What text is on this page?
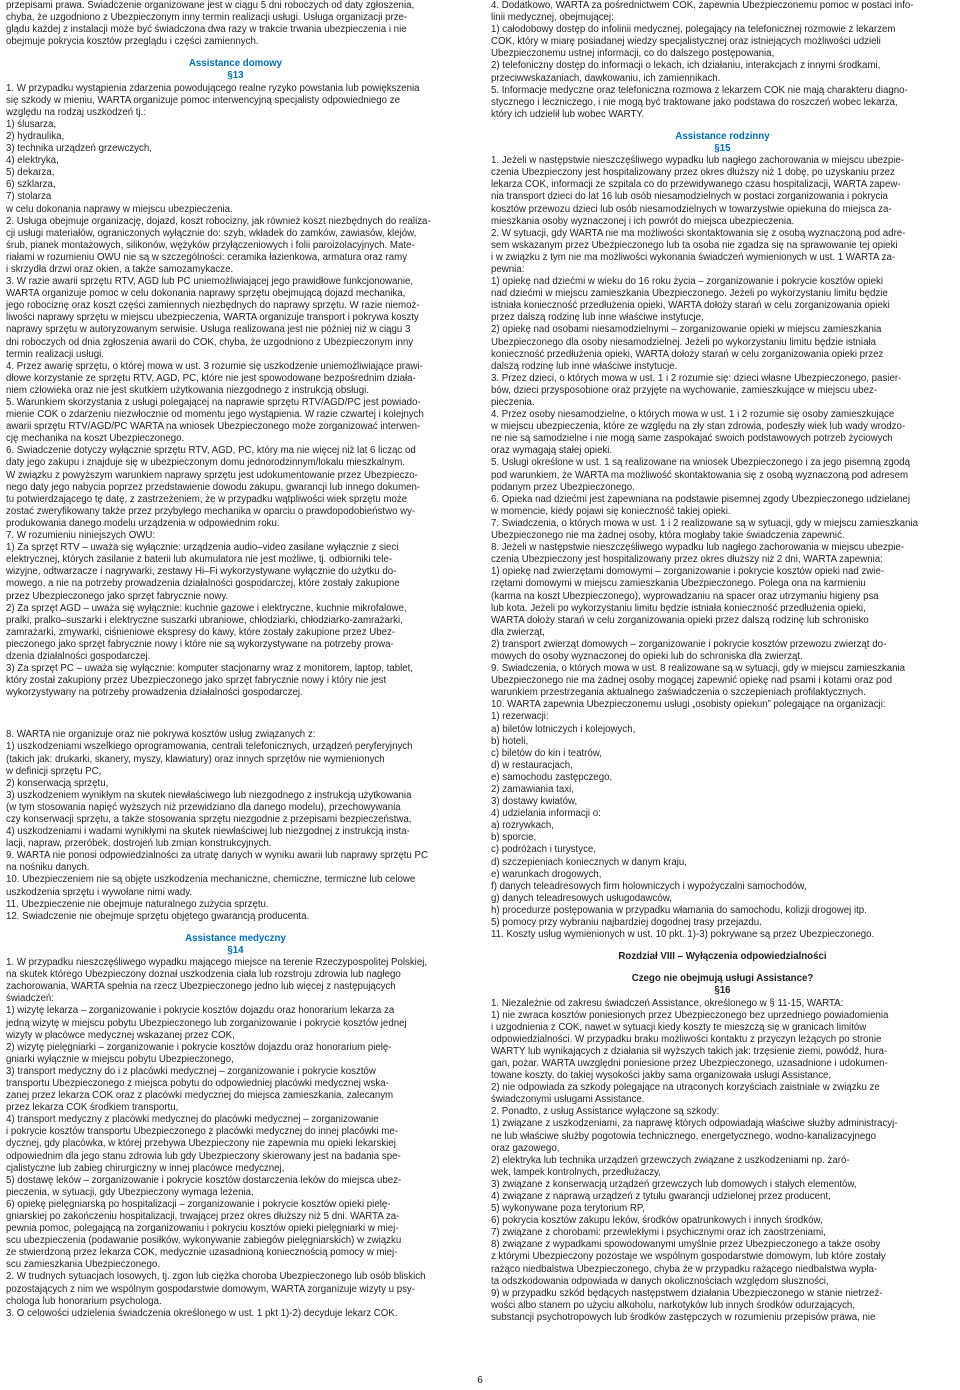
przepisami prawa. Świadczenie organizowane jest w ciągu 5 dni roboczych od daty zgłoszenia,
chyba, że uzgodniono z Ubezpieczonym inny termin realizacji usługi. Usługa organizacji prze-
glądu każdej z instalacji może być świadczona dwa razy w trakcie trwania ubezpieczenia i nie
obejmuje pokrycia kosztów przeglądu i części zamiennych.
Assistance domowy
§13
1. W przypadku wystąpienia zdarzenia powodującego realne ryzyko powstania lub powiększenia
się szkody w mieniu, WARTA organizuje pomoc interwencyjną specjalisty odpowiedniego ze
względu na rodzaj uszkodzeń tj.:
1) ślusarza,
2) hydraulika,
3) technika urządzeń grzewczych,
4) elektryka,
5) dekarza,
6) szklarza,
7) stolarza
w celu dokonania naprawy w miejscu ubezpieczenia.
2. Usługa obejmuje organizację, dojazd, koszt robocizny, jak również koszt niezbędnych do realiza-
cji usługi materiałów, ograniczonych wyłącznie do: szyb, wkładek do zamków, zawiasów, klejów,
śrub, pianek montażowych, silikonów, wężyków przyłączeniowych i folii paroizolacyjnych. Mate-
riałami w rozumieniu OWU nie są w szczególności: ceramika łazienkowa, armatura oraz ramy
i skrzydła drzwi oraz okien, a także samozamykacze.
3. W razie awarii sprzętu RTV, AGD lub PC uniemożliwiającej jego prawidłowe funkcjonowanie,
WARTA organizuje pomoc w celu dokonania naprawy sprzętu obejmującą dojazd mechanika,
jego robociznę oraz koszt części zamiennych niezbędnych do naprawy sprzętu. W razie niemoż-
liwości naprawy sprzętu w miejscu ubezpieczenia, WARTA organizuje transport i pokrywa koszty
naprawy sprzętu w autoryzowanym serwisie. Usługa realizowana jest nie później niż w ciągu 3
dni roboczych od dnia zgłoszenia awarii do COK, chyba, że uzgodniono z Ubezpieczonym inny
termin realizacji usługi.
4. Przez awarię sprzętu, o której mowa w ust. 3 rozumie się uszkodzenie uniemożliwiające prawi-
dłowe korzystanie ze sprzętu RTV, AGD, PC, które nie jest spowodowane bezpośrednim działa-
niem człowieka oraz nie jest skutkiem użytkowania niezgodnego z instrukcją obsługi.
5. Warunkiem skorzystania z usługi polegającej na naprawie sprzętu RTV/AGD/PC jest powiado-
mienie COK o zdarzeniu niezwłocznie od momentu jego wystąpienia. W razie czwartej i kolejnych
awarii sprzętu RTV/AGD/PC WARTA na wniosek Ubezpieczonego może zorganizować interwen-
cję mechanika na koszt Ubezpieczonego.
6. Świadczenie dotyczy wyłącznie sprzętu RTV, AGD, PC, który ma nie więcej niż lat 6 licząc od
daty jego zakupu i znajduje się w ubezpieczonym domu jednorodzinnym/lokalu mieszkalnym.
W związku z powyższym warunkiem naprawy sprzętu jest udokumentowanie przez Ubezpieczo-
nego daty jego nabycia poprzez przedstawienie dowodu zakupu, gwarancji lub innego dokumen-
tu potwierdzającego tę datę, z zastrzeżeniem, że w przypadku wątpliwości wiek sprzętu może
zostać zweryfikowany także przez przybyłego mechanika w oparciu o prawdopodobieństwo wy-
produkowania danego modelu urządzenia w odpowiednim roku.
7. W rozumieniu niniejszych OWU:
1) Za sprzęt RTV – uważa się wyłącznie: urządzenia audio–video zasilane wyłącznie z sieci
elektrycznej, których zasilanie z baterii lub akumulatora nie jest możliwe, tj. odbiorniki tele-
wizyjne, odtwarzacze i nagrywarki, zestawy Hi–Fi wykorzystywane wyłącznie do użytku do-
mowego, a nie na potrzeby prowadzenia działalności gospodarczej, które zostały zakupione
przez Ubezpieczonego jako sprzęt fabrycznie nowy.
2) Za sprzęt AGD – uważa się wyłącznie: kuchnie gazowe i elektryczne, kuchnie mikrofalowe,
pralki, pralko–suszarki i elektryczne suszarki ubraniowe, chłodziarki, chłodziarko-zamrażarki,
zamrażarki, zmywarki, ciśnieniowe ekspresy do kawy, które zostały zakupione przez Ubez-
pieczonego jako sprzęt fabrycznie nowy i które nie są wykorzystywane na potrzeby prowa-
dzenia działalności gospodarczej.
3) Za sprzęt PC – uważa się wyłącznie: komputer stacjonarny wraz z monitorem, laptop, tablet,
który został zakupiony przez Ubezpieczonego jako sprzęt fabrycznie nowy i który nie jest
wykorzystywany na potrzeby prowadzenia działalności gospodarczej.
8. WARTA nie organizuje oraz nie pokrywa kosztów usług związanych z:
1) uszkodzeniami wszelkiego oprogramowania, centrali telefonicznych, urządzeń peryferyjnych
(takich jak: drukarki, skanery, myszy, klawiatury) oraz innych sprzętów nie wymienionych
w definicji sprzętu PC,
2) konserwacją sprzętu,
3) uszkodzeniem wynikłym na skutek niewłaściwego lub niezgodnego z instrukcją użytkowania
(w tym stosowania napięć wyższych niż przewidziano dla danego modelu), przechowywania
czy konserwacji sprzętu, a także stosowania sprzętu niezgodnie z przepisami bezpieczeństwa,
4) uszkodzeniami i wadami wynikłymi na skutek niewłaściwej lub niezgodnej z instrukcją insta-
lacji, napraw, przeróbek, dostrojeń lub zmian konstrukcyjnych.
9. WARTA nie ponosi odpowiedzialności za utratę danych w wyniku awarii lub naprawy sprzętu PC
na nośniku danych.
10. Ubezpieczeniem nie są objęte uszkodzenia mechaniczne, chemiczne, termiczne lub celowe
uszkodzenia sprzętu i wywołane nimi wady.
11. Ubezpieczenie nie obejmuje naturalnego zużycia sprzętu.
12. Świadczenie nie obejmuje sprzętu objętego gwarancją producenta.
Assistance medyczny
§14
1. W przypadku nieszczęśliwego wypadku mającego miejsce na terenie Rzeczypospolitej Polskiej,
na skutek którego Ubezpieczony doznał uszkodzenia ciała lub rozstroju zdrowia lub nagłego
zachorowania, WARTA spełnia na rzecz Ubezpieczonego jedno lub więcej z następujących
świadczeń:
1) wizytę lekarza – zorganizowanie i pokrycie kosztów dojazdu oraz honorarium lekarza za
jedną wizytę w miejscu pobytu Ubezpieczonego lub zorganizowanie i pokrycie kosztów jednej
wizyty w placówce medycznej wskazanej przez COK,
2) wizytę pielęgniarki – zorganizowanie i pokrycie kosztów dojazdu oraz honorarium pielę-
gniarki wyłącznie w miejscu pobytu Ubezpieczonego,
3) transport medyczny do i z placówki medycznej – zorganizowanie i pokrycie kosztów
transportu Ubezpieczonego z miejsca pobytu do odpowiedniej placówki medycznej wska-
zanej przez lekarza COK oraz z placówki medycznej do miejsca zamieszkania, zalecanym
przez lekarza COK środkiem transportu,
4) transport medyczny z placówki medycznej do placówki medycznej – zorganizowanie
i pokrycie kosztów transportu Ubezpieczonego z placówki medycznej do innej placówki me-
dycznej, gdy placówka, w której przebywa Ubezpieczony nie zapewnia mu opieki lekarskiej
odpowiednim dla jego stanu zdrowia lub gdy Ubezpieczony skierowany jest na badania spe-
cjalistyczne lub zabieg chirurgiczny w innej placówce medycznej,
5) dostawę leków – zorganizowanie i pokrycie kosztów dostarczenia leków do miejsca ubez-
pieczenia, w sytuacji, gdy Ubezpieczony wymaga leżenia,
6) opiekę pielęgniarską po hospitalizacji – zorganizowanie i pokrycie kosztów opieki pielę-
gniarskiej po zakończeniu hospitalizacji, trwającej przez okres dłuższy niż 5 dni. WARTA za-
pewnia pomoc, polegającą na zorganizowaniu i pokryciu kosztów opieki pielęgniarki w miej-
scu ubezpieczenia (podawanie posiłków, wykonywanie zabiegów pielęgniarskich) w związku
ze stwierdzoną przez lekarza COK, medycznie uzasadnioną koniecznością pomocy w miej-
scu zamieszkania Ubezpieczonego.
2. W trudnych sytuacjach losowych, tj. zgon lub ciężka choroba Ubezpieczonego lub osób bliskich
pozostających z nim we wspólnym gospodarstwie domowym, WARTA zorganizuje wizyty u psy-
chologa lub honorarium psychologa.
3. O celowości udzielenia świadczenia określonego w ust. 1 pkt 1)-2) decyduje lekarz COK.
4. Dodatkowo, WARTA za pośrednictwem COK, zapewnia Ubezpieczonemu pomoc w postaci info-
linii medycznej, obejmującej:
1) całodobowy dostęp do infolinii medycznej, polegający na telefonicznej rozmowie z lekarzem
COK, który w miarę posiadanej wiedzy specjalistycznej oraz istniejących możliwości udzieli
Ubezpieczonemu ustnej informacji, co do dalszego postępowania,
2) telefoniczny dostęp do informacji o lekach, ich działaniu, interakcjach z innymi środkami,
przeciwwskazaniach, dawkowaniu, ich zamiennikach.
5. Informacje medyczne oraz telefoniczna rozmowa z lekarzem COK nie mają charakteru diagno-
stycznego i leczniczego, i nie mogą być traktowane jako podstawa do roszczeń wobec lekarza,
który ich udzielił lub wobec WARTY.
Assistance rodzinny
§15
1. Jeżeli w następstwie nieszczęśliwego wypadku lub nagłego zachorowania w miejscu ubezpie-
czenia Ubezpieczony jest hospitalizowany przez okres dłuższy niż 1 dobę, po uzyskaniu przez
lekarza COK, informacji ze szpitala co do przewidywanego czasu hospitalizacji, WARTA zapew-
nia transport dzieci do lat 16 lub osób niesamodzielnych w postaci zorganizowania i pokrycia
kosztów przewozu dzieci lub osób niesamodzielnych w towarzystwie opiekuna do miejsca za-
mieszkania osoby wyznaczonej i ich powrót do miejsca ubezpieczenia.
2. W sytuacji, gdy WARTA nie ma możliwości skontaktowania się z osobą wyznaczoną pod adre-
sem wskazanym przez Ubezpieczonego lub ta osoba nie zgadza się na sprawowanie tej opieki
i w związku z tym nie ma możliwości wykonania świadczeń wymienionych w ust. 1 WARTA za-
pewnia:
1) opiekę nad dziećmi w wieku do 16 roku życia – zorganizowanie i pokrycie kosztów opieki
nad dziećmi w miejscu zamieszkania Ubezpieczonego. Jeżeli po wykorzystaniu limitu będzie
istniała konieczność przedłużenia opieki, WARTA dołoży starań w celu zorganizowania opieki
przez dalszą rodzinę lub inne właściwe instytucje,
2) opiekę nad osobami niesamodzielnymi – zorganizowanie opieki w miejscu zamieszkania
Ubezpieczonego dla osoby niesamodzielnej. Jeżeli po wykorzystaniu limitu będzie istniała
konieczność przedłużenia opieki, WARTA dołoży starań w celu zorganizowania opieki przez
dalszą rodzinę lub inne właściwe instytucje.
3. Przez dzieci, o których mowa w ust. 1 i 2 rozumie się: dzieci własne Ubezpieczonego, pasier-
bów, dzieci przysposobione oraz przyjęte na wychowanie, zamieszkujące w miejscu ubez-
pieczenia.
4. Przez osoby niesamodzielne, o których mowa w ust. 1 i 2 rozumie się osoby zamieszkujące
w miejscu ubezpieczenia, które ze względu na zły stan zdrowia, podeszły wiek lub wady wrodzo-
ne nie są samodzielne i nie mogą same zaspokajać swoich podstawowych potrzeb życiowych
oraz wymagają stałej opieki.
5. Usługi określone w ust. 1 są realizowane na wniosek Ubezpieczonego i za jego pisemną zgodą
pod warunkiem, że WARTA ma możliwość skontaktowania się z osobą wyznaczoną pod adresem
podanym przez Ubezpieczonego.
6. Opieka nad dziećmi jest zapewniana na podstawie pisemnej zgody Ubezpieczonego udzielanej
w momencie, kiedy pojawi się konieczność takiej opieki.
7. Świadczenia, o których mowa w ust. 1 i 2 realizowane są w sytuacji, gdy w miejscu zamieszkania
Ubezpieczonego nie ma żadnej osoby, która mogłaby takie świadczenia zapewnić.
8. Jeżeli w następstwie nieszczęśliwego wypadku lub nagłego zachorowania w miejscu ubezpie-
czenia Ubezpieczony jest hospitalizowany przez okres dłuższy niż 2 dni, WARTA zapewnia:
1) opiekę nad zwierzętami domowymi – zorganizowanie i pokrycie kosztów opieki nad zwie-
rzętami domowymi w miejscu zamieszkania Ubezpieczonego. Polega ona na karmieniu
(karma na koszt Ubezpieczonego), wyprowadzaniu na spacer oraz utrzymaniu higieny psa
lub kota. Jeżeli po wykorzystaniu limitu będzie istniała konieczność przedłużenia opieki,
WARTA dołoży starań w celu zorganizowania opieki przez dalszą rodzinę lub schronisko
dla zwierząt,
2) transport zwierząt domowych – zorganizowanie i pokrycie kosztów przewozu zwierząt do-
mowych do osoby wyznaczonej do opieki lub do schroniska dla zwierząt.
9. Świadczenia, o których mowa w ust. 8 realizowane są w sytuacji, gdy w miejscu zamieszkania
Ubezpieczonego nie ma żadnej osoby mogącej zapewnić opiekę nad psami i kotami oraz pod
warunkiem przestrzegania aktualnego zaświadczenia o szczepieniach profilaktycznych.
10. WARTA zapewnia Ubezpieczonemu usługi „osobisty opiekun” polegające na organizacji:
1) rezerwacji:
a) biletów lotniczych i kolejowych,
b) hoteli,
c) biletów do kin i teatrów,
d) w restauracjach,
e) samochodu zastępczego,
2) zamawiania taxi,
3) dostawy kwiatów,
4) udzielania informacji o:
a) rozrywkach,
b) sporcie,
c) podróżach i turystyce,
d) szczepieniach koniecznych w danym kraju,
e) warunkach drogowych,
f) danych teleadresowych firm holowniczych i wypożyczalni samochodów,
g) danych teleadresowych usługodawców,
h) procedurze postępowania w przypadku włamania do samochodu, kolizji drogowej itp.
5) pomocy przy wybraniu najbardziej dogodnej trasy przejazdu.
11. Koszty usług wymienionych w ust. 10 pkt. 1)-3) pokrywane są przez Ubezpieczonego.
Rozdział VIII – Wyłączenia odpowiedzialności
Czego nie obejmują usługi Assistance?
§16
1. Niezależnie od zakresu świadczeń Assistance, określonego w § 11-15, WARTA:
1) nie zwraca kosztów poniesionych przez Ubezpieczonego bez uprzedniego powiadomienia
i uzgodnienia z COK, nawet w sytuacji kiedy koszty te mieszczą się w granicach limitów
odpowiedzialności. W przypadku braku możliwości kontaktu z przyczyn leżących po stronie
WARTY lub wynikających z działania sił wyższych takich jak: trzęsienie ziemi, powódź, hura-
gan, pożar. WARTA uwzględni poniesione przez Ubezpieczonego, uzasadnione i udokumen-
towane koszty, do takiej wysokości jakby sama organizowała usługi Assistance,
2) nie odpowiada za szkody polegające na utraconych korzyściach zaistniałe w związku ze
świadczonymi usługami Assistance.
2. Ponadto, z usług Assistance wyłączone są szkody:
1) związane z uszkodzeniami, za naprawę których odpowiadają właściwe służby administracyj-
ne lub właściwe służby pogotowia technicznego, energetycznego, wodno-kanalizacyjnego
oraz gazowego,
2) elektryka lub technika urządzeń grzewczych związane z uszkodzeniami np. żaró-
wek, lampek kontrolnych, przedłużaczy,
3) związane z konserwacją urządzeń grzewczych lub domowych i stałych elementów,
4) związane z naprawą urządzeń z tytułu gwarancji udzielonej przez producent,
5) wykonywane poza terytorium RP,
6) pokrycia kosztów zakupu leków, środków opatrunkowych i innych środków,
7) związane z chorobami: przewlekłymi i psychicznymi oraz ich zaostrzeniami,
8) związane z wypadkami spowodowanymi umyślnie przez Ubezpieczonego a także osoby
z którymi Ubezpieczony pozostaje we wspólnym gospodarstwie domowym, lub które zostały
rażąco niedbalstwa Ubezpieczonego, chyba że w przypadku rażącego niedbalstwa wypła-
ta odszkodowania odpowiada w danych okolicznościach względom słuszności,
9) w przypadku szkód będących następstwem działania Ubezpieczonego w stanie nietrzeź-
wości albo stanem po użyciu alkoholu, narkotyków lub innych środków odurzających,
substancji psychotropowych lub środków zastępczych w rozumieniu przepisów prawa, nie
6
